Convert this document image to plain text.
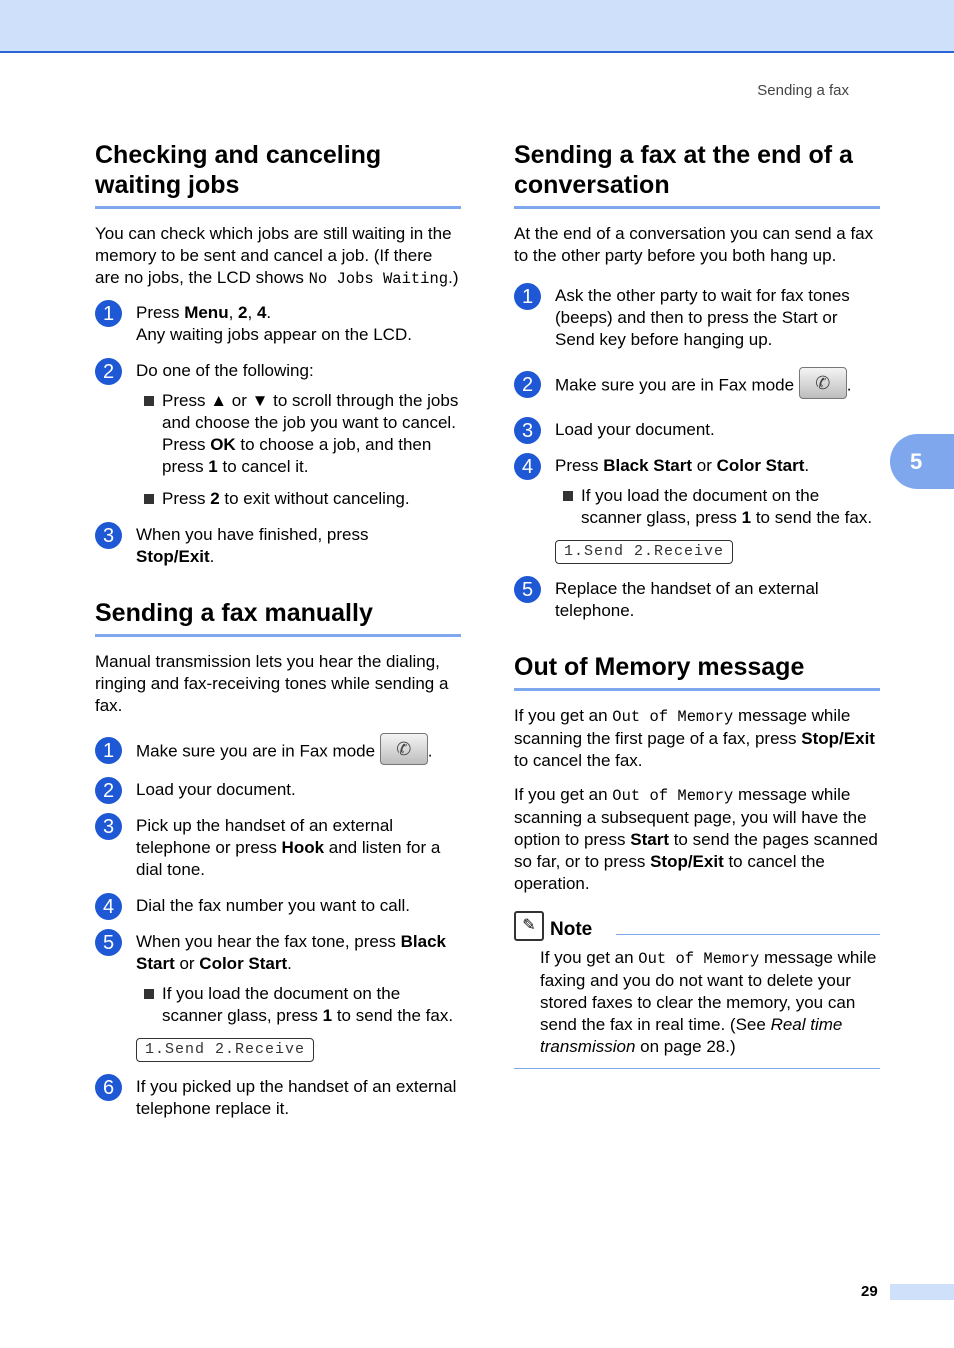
Sending a fax
5
Checking and canceling waiting jobs

You can check which jobs are still waiting in the memory to be sent and cancel a job. (If there are no jobs, the LCD shows No Jobs Waiting.)

1	Press Menu, 2, 4.
Any waiting jobs appear on the LCD.
2	Do one of the following:
Press ▲ or ▼ to scroll through the jobs and choose the job you want to cancel. Press OK to choose a job, and then press 1 to cancel it.
Press 2 to exit without canceling.
3	When you have finished, press
Stop/Exit.
Sending a fax manually

Manual transmission lets you hear the dialing, ringing and fax-receiving tones while sending a fax.

1	Make sure you are in Fax mode ✆ .
2	Load your document.
3	Pick up the handset of an external telephone or press Hook and listen for a dial tone.
4	Dial the fax number you want to call.
5	When you hear the fax tone, press Black Start or Color Start.
If you load the document on the scanner glass, press 1 to send the fax.
1.Send 2.Receive
6	If you picked up the handset of an external telephone replace it.
Sending a fax at the end of a conversation

At the end of a conversation you can send a fax to the other party before you both hang up.

1	Ask the other party to wait for fax tones (beeps) and then to press the Start or Send key before hanging up.
2	Make sure you are in Fax mode ✆ .
3	Load your document.
4	Press Black Start or Color Start.
If you load the document on the scanner glass, press 1 to send the fax.
1.Send 2.Receive
5	Replace the handset of an external telephone.
Out of Memory message

If you get an Out of Memory message while scanning the first page of a fax, press Stop/Exit to cancel the fax.

If you get an Out of Memory message while scanning a subsequent page, you will have the option to press Start to send the pages scanned so far, or to press Stop/Exit to cancel the operation.

✎ Note
If you get an Out of Memory message while faxing and you do not want to delete your stored faxes to clear the memory, you can send the fax in real time. (See Real time transmission on page 28.)
29
